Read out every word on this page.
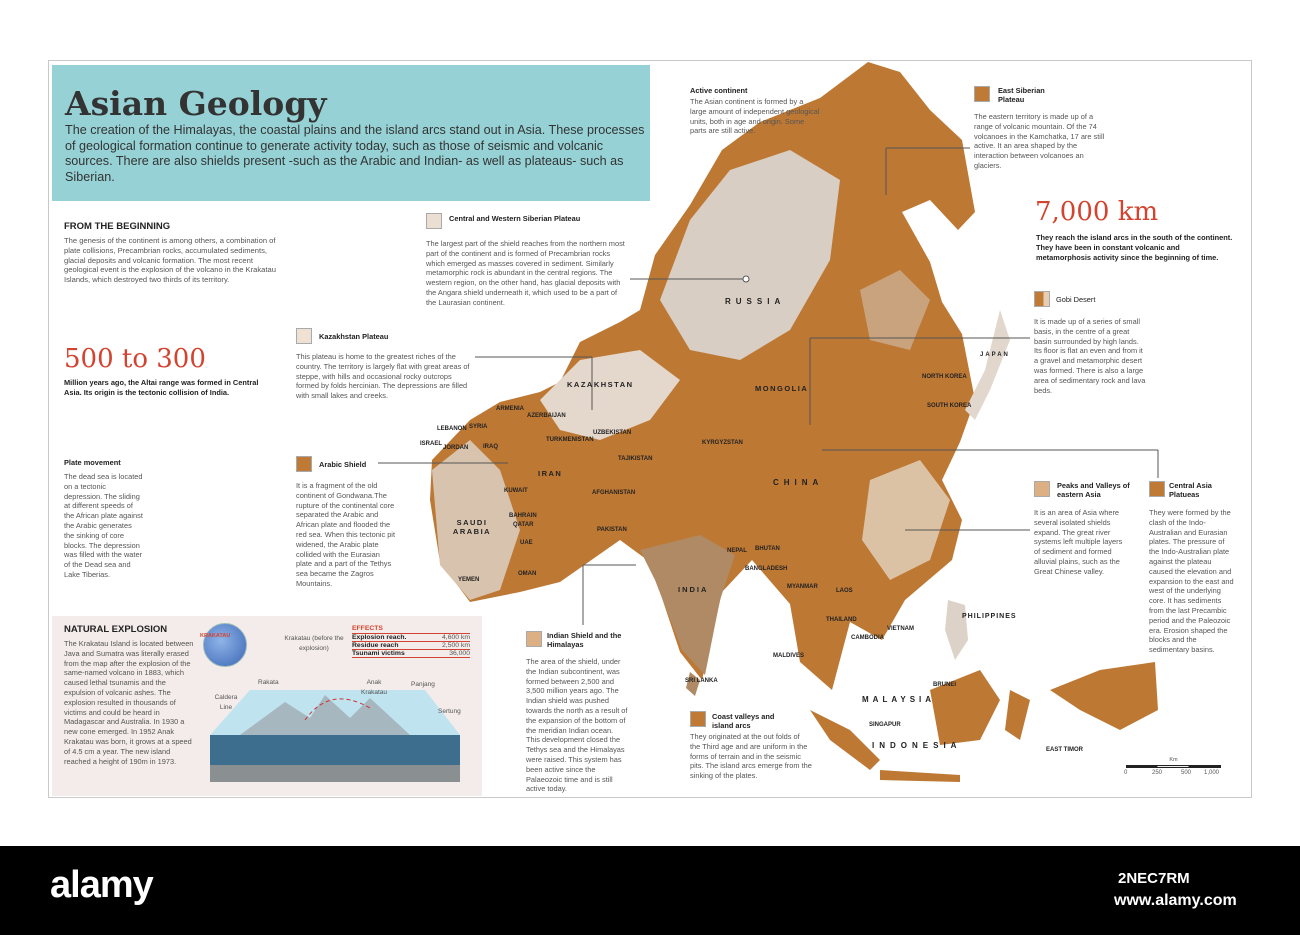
Asian Geology

The creation of the Himalayas, the coastal plains and the island arcs stand out in Asia. These processes of geological formation continue to generate activity today, such as those of seismic and volcanic sources. There are also shields present -such as the Arabic and Indian- as well as plateaus- such as Siberian.

FROM THE BEGINNING
The genesis of the continent is among others, a combination of plate collisions, Precambrian rocks, accumulated sediments, glacial deposits and volcanic formation. The most recent geological event is the explosion of the volcano in the Krakatau Islands, which destroyed two thirds of its territory.
500 to 300
Million years ago, the Altai range was formed in Central Asia. Its origin is the tectonic collision of India.
Plate movement
The dead sea is located on a tectonic depression. The sliding at different speeds of the African plate against the Arabic generates the sinking of core blocks. The depression was filled with the water of the Dead sea and Lake Tiberias.
RUSSIA
KAZAKHSTAN	MONGOLIA
CHINA
INDIA
IRAN
SAUDI ARABIA
JAPAN
NORTH KOREA
SOUTH KOREA
ARMENIA
AZERBAIJAN
LEBANON SYRIA
ISRAEL
JORDAN IRAQ
TURKMENISTAN
UZBEKISTAN
KYRGYZSTAN
TAJIKISTAN
AFGHANISTAN
PAKISTAN
KUWAIT
BAHRAIN
QATAR
UAE
OMAN
YEMEN
NEPAL BHUTAN
BANGLADESH
MYANMAR
LAOS
THAILAND
CAMBODIA
VIETNAM
PHILIPPINES
MALDIVES
SRI LANKA
BRUNEI
MALAYSIA
SINGAPUR
INDONESIA	EAST TIMOR
Central and Western Siberian Plateau
The largest part of the shield reaches from the northern most part of the continent and is formed of Precambrian rocks which emerged as masses covered in sediment. Similarly metamorphic rock is abundant in the central regions. The western region, on the other hand, has glacial deposits with the Angara shield underneath it, which used to be a part of the Laurasian continent.
Kazakhstan Plateau
This plateau is home to the greatest riches of the country. The territory is largely flat with great areas of steppe, with hills and occasional rocky outcrops formed by folds hercinian. The depressions are filled with small lakes and creeks.
Arabic Shield
It is a fragment of the old continent of Gondwana.The rupture of the continental core separated the Arabic and African plate and flooded the red sea. When this tectonic pit widened, the Arabic plate collided with the Eurasian plate and a part of the Tethys sea became the Zagros Mountains.
Indian Shield and the Himalayas
The area of the shield, under the Indian subcontinent, was formed between 2,500 and 3,500 million years ago. The Indian shield was pushed towards the north as a result of the expansion of the bottom of the meridian Indian ocean. This development closed the Tethys sea and the Himalayas were raised. This system has been active since the Palaeozoic time and is still active today.
Coast valleys and island arcs
They originated at the out folds of the Third age and are uniform in the forms of terrain and in the seismic pits. The island arcs emerge from the sinking of the plates.
East Siberian Plateau
The eastern territory is made up of a range of volcanic mountain. Of the 74 volcanoes in the Kamchatka, 17 are still active. It an area shaped by the interaction between volcanoes an glaciers.
Gobi Desert
It is made up of a series of small basis, in the centre of a great basin surrounded by high lands. Its floor is flat an even and from it a gravel and metamorphic desert was formed. There is also a large area of sedimentary rock and lava beds.
Peaks and Valleys of eastern Asia
It is an area of Asia where several isolated shields expand. The great river systems left multiple layers of sediment and formed alluvial plains, such as the Great Chinese valley.
Central Asia Platueas
They were formed by the clash of the Indo-Australian and Eurasian plates. The pressure of the Indo-Australian plate against the plateau caused the elevation and expansion to the east and west of the underlying core. It has sediments from the last Precambic period and the Paleozoic era. Erosion shaped the blocks and the sedimentary basins.
Active continent
The Asian continent is formed by a large amount of independent geological units, both in age and origin. Some parts are still active.
7,000 km
They reach the island arcs in the south of the continent. They have been in constant volcanic and metamorphosis activity since the beginning of time.
NATURAL EXPLOSION
The Krakatau Island is located between Java and Sumatra was literally erased from the map after the explosion of the same-named volcano in 1883, which caused lethal tsunamis and the expulsion of volcanic ashes. The explosion resulted in thousands of victims and could be heard in Madagascar and Australia. In 1930 a new cone emerged. In 1952 Anak Krakatau was born, it grows at a speed of 4.5 cm a year. The new island reached a height of 190m in 1973.
KRAKATAU	Krakatau (before the explosion)
Rakata	Anak Krakatau
Panjang
Caldera Line
Sertung
EFFECTS
Explosion reach.	4,600 km
Residue reach	2,500 km
Tsunami victims	36,000
Km
0	250	500 1,000
alamy	2NEC7RM
www.alamy.com
